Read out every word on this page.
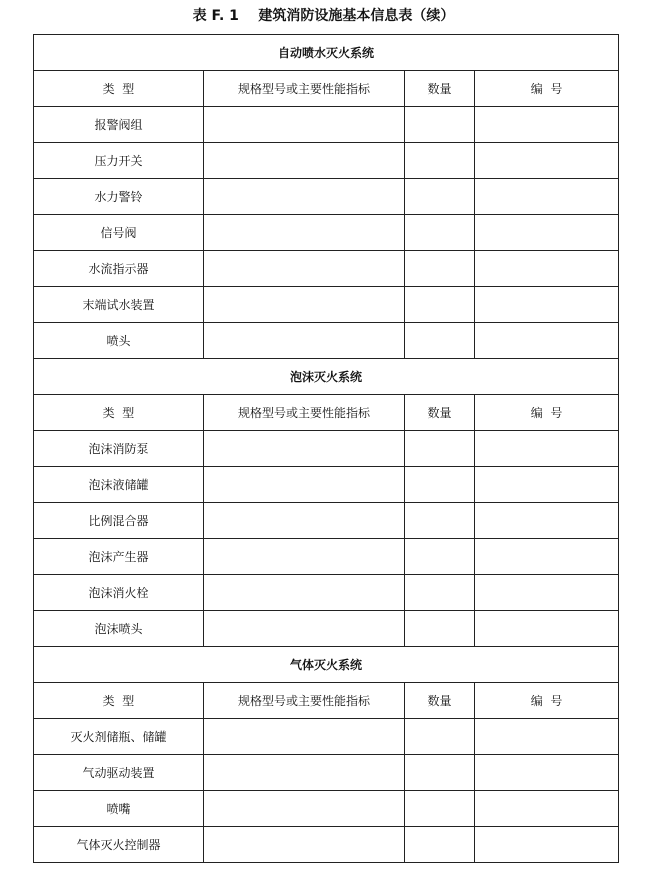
表 F. 1    建筑消防设施基本信息表（续）
自动喷水灭火系统			
类  型	规格型号或主要性能指标	数量	编  号
报警阀组			
压力开关			
水力警铃			
信号阀			
水流指示器			
末端试水装置			
喷头			
泡沫灭火系统			
类  型	规格型号或主要性能指标	数量	编  号
泡沫消防泵			
泡沫液储罐			
比例混合器			
泡沫产生器			
泡沫消火栓			
泡沫喷头			
气体灭火系统			
类  型	规格型号或主要性能指标	数量	编  号
灭火剂储瓶、储罐			
气动驱动装置			
喷嘴			
气体灭火控制器			
